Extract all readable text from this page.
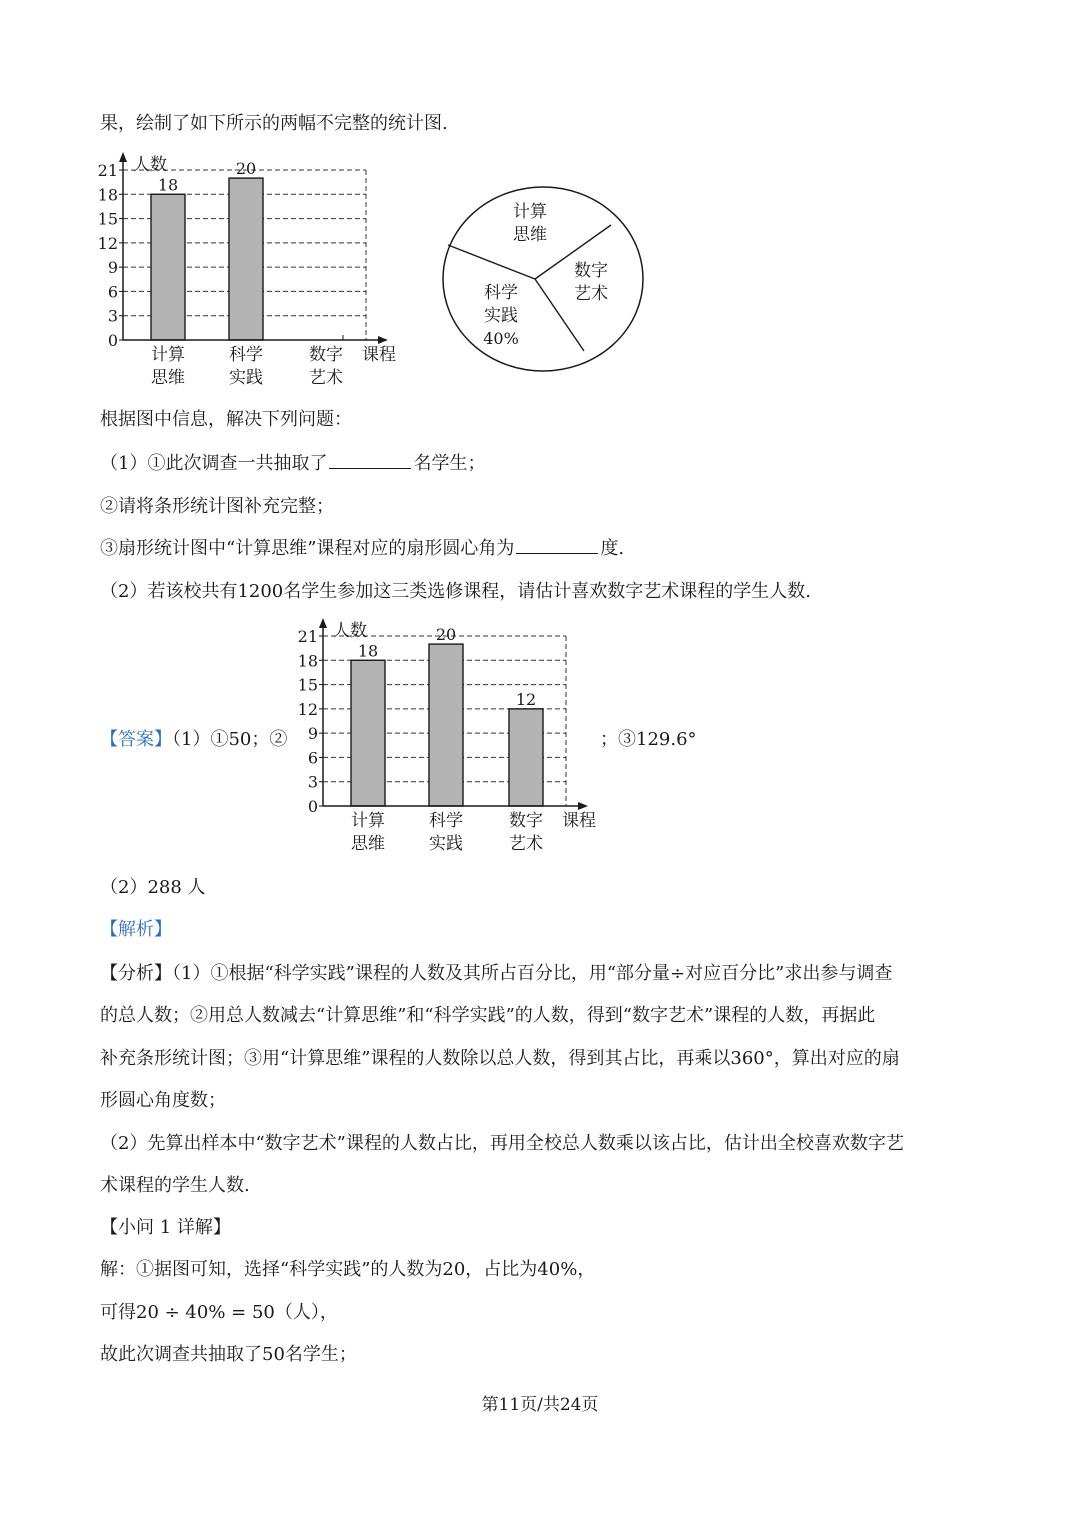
果，绘制了如下所示的两幅不完整的统计图.
0
3
6
9
12
15
18
21
18
20
人数
课程
计算
思维
科学
实践
数字
艺术
计算
思维
数字
艺术
科学
实践
40%
根据图中信息，解决下列问题：
（1）①此次调查一共抽取了	名学生；
②请将条形统计图补充完整；
③扇形统计图中“计算思维”课程对应的扇形圆心角为	度.
（2）若该校共有1200名学生参加这三类选修课程，请估计喜欢数字艺术课程的学生人数.
【答案】（1）①50；②	；③129.6°
0
3
6
9
12
15
18
21
18
20
12
人数
课程
计算
思维
科学
实践
数字
艺术
（2）288 人
【解析】
【分析】（1）①根据“科学实践”课程的人数及其所占百分比，用“部分量÷对应百分比”求出参与调查
的总人数；②用总人数减去“计算思维”和“科学实践”的人数，得到“数字艺术”课程的人数，再据此
补充条形统计图；③用“计算思维”课程的人数除以总人数，得到其占比，再乘以360°，算出对应的扇
形圆心角度数；
（2）先算出样本中“数字艺术”课程的人数占比，再用全校总人数乘以该占比，估计出全校喜欢数字艺
术课程的学生人数.
【小问 1 详解】
解：①据图可知，选择“科学实践”的人数为20，占比为40%，
可得20 ÷ 40% = 50（人），
故此次调查共抽取了50名学生；
第11页/共24页
